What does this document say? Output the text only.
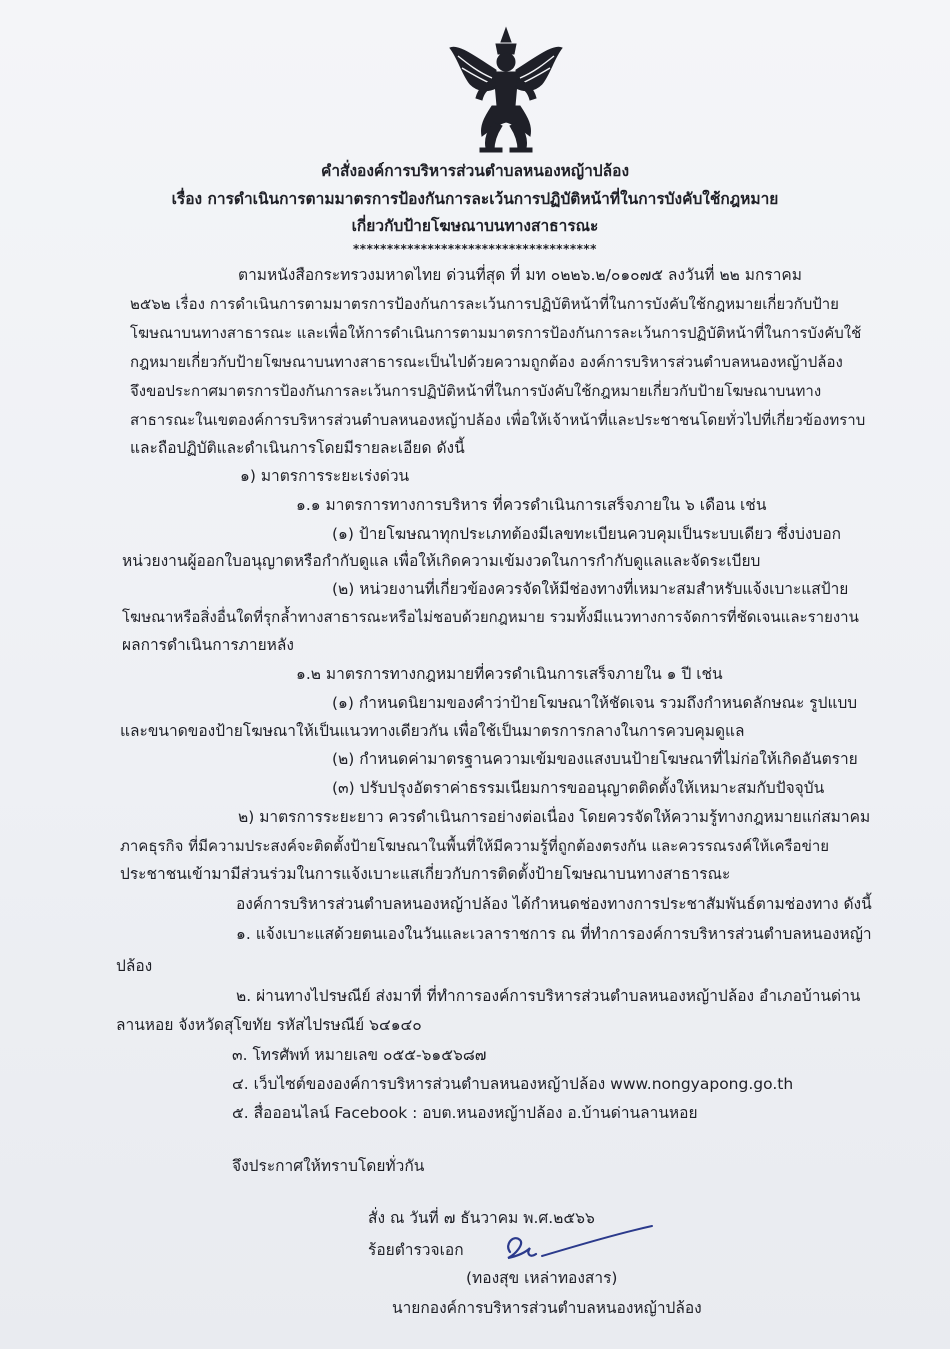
คำสั่งองค์การบริหารส่วนตำบลหนองหญ้าปล้อง
เรื่อง การดำเนินการตามมาตรการป้องกันการละเว้นการปฏิบัติหน้าที่ในการบังคับใช้กฎหมาย
เกี่ยวกับป้ายโฆษณาบนทางสาธารณะ
************************************
ตามหนังสือกระทรวงมหาดไทย ด่วนที่สุด ที่ มท ๐๒๒๖.๒/๐๑๐๗๕ ลงวันที่ ๒๒ มกราคม
๒๕๖๒ เรื่อง การดำเนินการตามมาตรการป้องกันการละเว้นการปฏิบัติหน้าที่ในการบังคับใช้กฎหมายเกี่ยวกับป้าย
โฆษณาบนทางสาธารณะ และเพื่อให้การดำเนินการตามมาตรการป้องกันการละเว้นการปฏิบัติหน้าที่ในการบังคับใช้
กฎหมายเกี่ยวกับป้ายโฆษณาบนทางสาธารณะเป็นไปด้วยความถูกต้อง องค์การบริหารส่วนตำบลหนองหญ้าปล้อง
จึงขอประกาศมาตรการป้องกันการละเว้นการปฏิบัติหน้าที่ในการบังคับใช้กฎหมายเกี่ยวกับป้ายโฆษณาบนทาง
สาธารณะในเขตองค์การบริหารส่วนตำบลหนองหญ้าปล้อง เพื่อให้เจ้าหน้าที่และประชาชนโดยทั่วไปที่เกี่ยวข้องทราบ
และถือปฏิบัติและดำเนินการโดยมีรายละเอียด ดังนี้
๑) มาตรการระยะเร่งด่วน
๑.๑ มาตรการทางการบริหาร ที่ควรดำเนินการเสร็จภายใน ๖ เดือน เช่น
(๑) ป้ายโฆษณาทุกประเภทต้องมีเลขทะเบียนควบคุมเป็นระบบเดียว ซึ่งบ่งบอก
หน่วยงานผู้ออกใบอนุญาตหรือกำกับดูแล เพื่อให้เกิดความเข้มงวดในการกำกับดูแลและจัดระเบียบ
(๒) หน่วยงานที่เกี่ยวข้องควรจัดให้มีช่องทางที่เหมาะสมสำหรับแจ้งเบาะแสป้าย
โฆษณาหรือสิ่งอื่นใดที่รุกล้ำทางสาธารณะหรือไม่ชอบด้วยกฎหมาย รวมทั้งมีแนวทางการจัดการที่ชัดเจนและรายงาน
ผลการดำเนินการภายหลัง
๑.๒ มาตรการทางกฎหมายที่ควรดำเนินการเสร็จภายใน ๑ ปี เช่น
(๑) กำหนดนิยามของคำว่าป้ายโฆษณาให้ชัดเจน รวมถึงกำหนดลักษณะ รูปแบบ
และขนาดของป้ายโฆษณาให้เป็นแนวทางเดียวกัน เพื่อใช้เป็นมาตรการกลางในการควบคุมดูแล
(๒) กำหนดค่ามาตรฐานความเข้มของแสงบนป้ายโฆษณาที่ไม่ก่อให้เกิดอันตราย
(๓) ปรับปรุงอัตราค่าธรรมเนียมการขออนุญาตติดตั้งให้เหมาะสมกับปัจจุบัน
๒) มาตรการระยะยาว ควรดำเนินการอย่างต่อเนื่อง โดยควรจัดให้ความรู้ทางกฎหมายแก่สมาคม
ภาคธุรกิจ ที่มีความประสงค์จะติดตั้งป้ายโฆษณาในพื้นที่ให้มีความรู้ที่ถูกต้องตรงกัน และควรรณรงค์ให้เครือข่าย
ประชาชนเข้ามามีส่วนร่วมในการแจ้งเบาะแสเกี่ยวกับการติดตั้งป้ายโฆษณาบนทางสาธารณะ
องค์การบริหารส่วนตำบลหนองหญ้าปล้อง ได้กำหนดช่องทางการประชาสัมพันธ์ตามช่องทาง ดังนี้
๑. แจ้งเบาะแสด้วยตนเองในวันและเวลาราชการ ณ ที่ทำการองค์การบริหารส่วนตำบลหนองหญ้า
ปล้อง
๒. ผ่านทางไปรษณีย์ ส่งมาที่ ที่ทำการองค์การบริหารส่วนตำบลหนองหญ้าปล้อง อำเภอบ้านด่าน
ลานหอย จังหวัดสุโขทัย รหัสไปรษณีย์ ๖๔๑๔๐
๓. โทรศัพท์ หมายเลข ๐๕๕-๖๑๕๖๘๗
๔. เว็บไซต์ขององค์การบริหารส่วนตำบลหนองหญ้าปล้อง www.nongyapong.go.th
๕. สื่อออนไลน์ Facebook : อบต.หนองหญ้าปล้อง อ.บ้านด่านลานหอย
จึงประกาศให้ทราบโดยทั่วกัน
สั่ง ณ วันที่ ๗ ธันวาคม พ.ศ.๒๕๖๖
ร้อยตำรวจเอก
(ทองสุข เหล่าทองสาร)
นายกองค์การบริหารส่วนตำบลหนองหญ้าปล้อง
